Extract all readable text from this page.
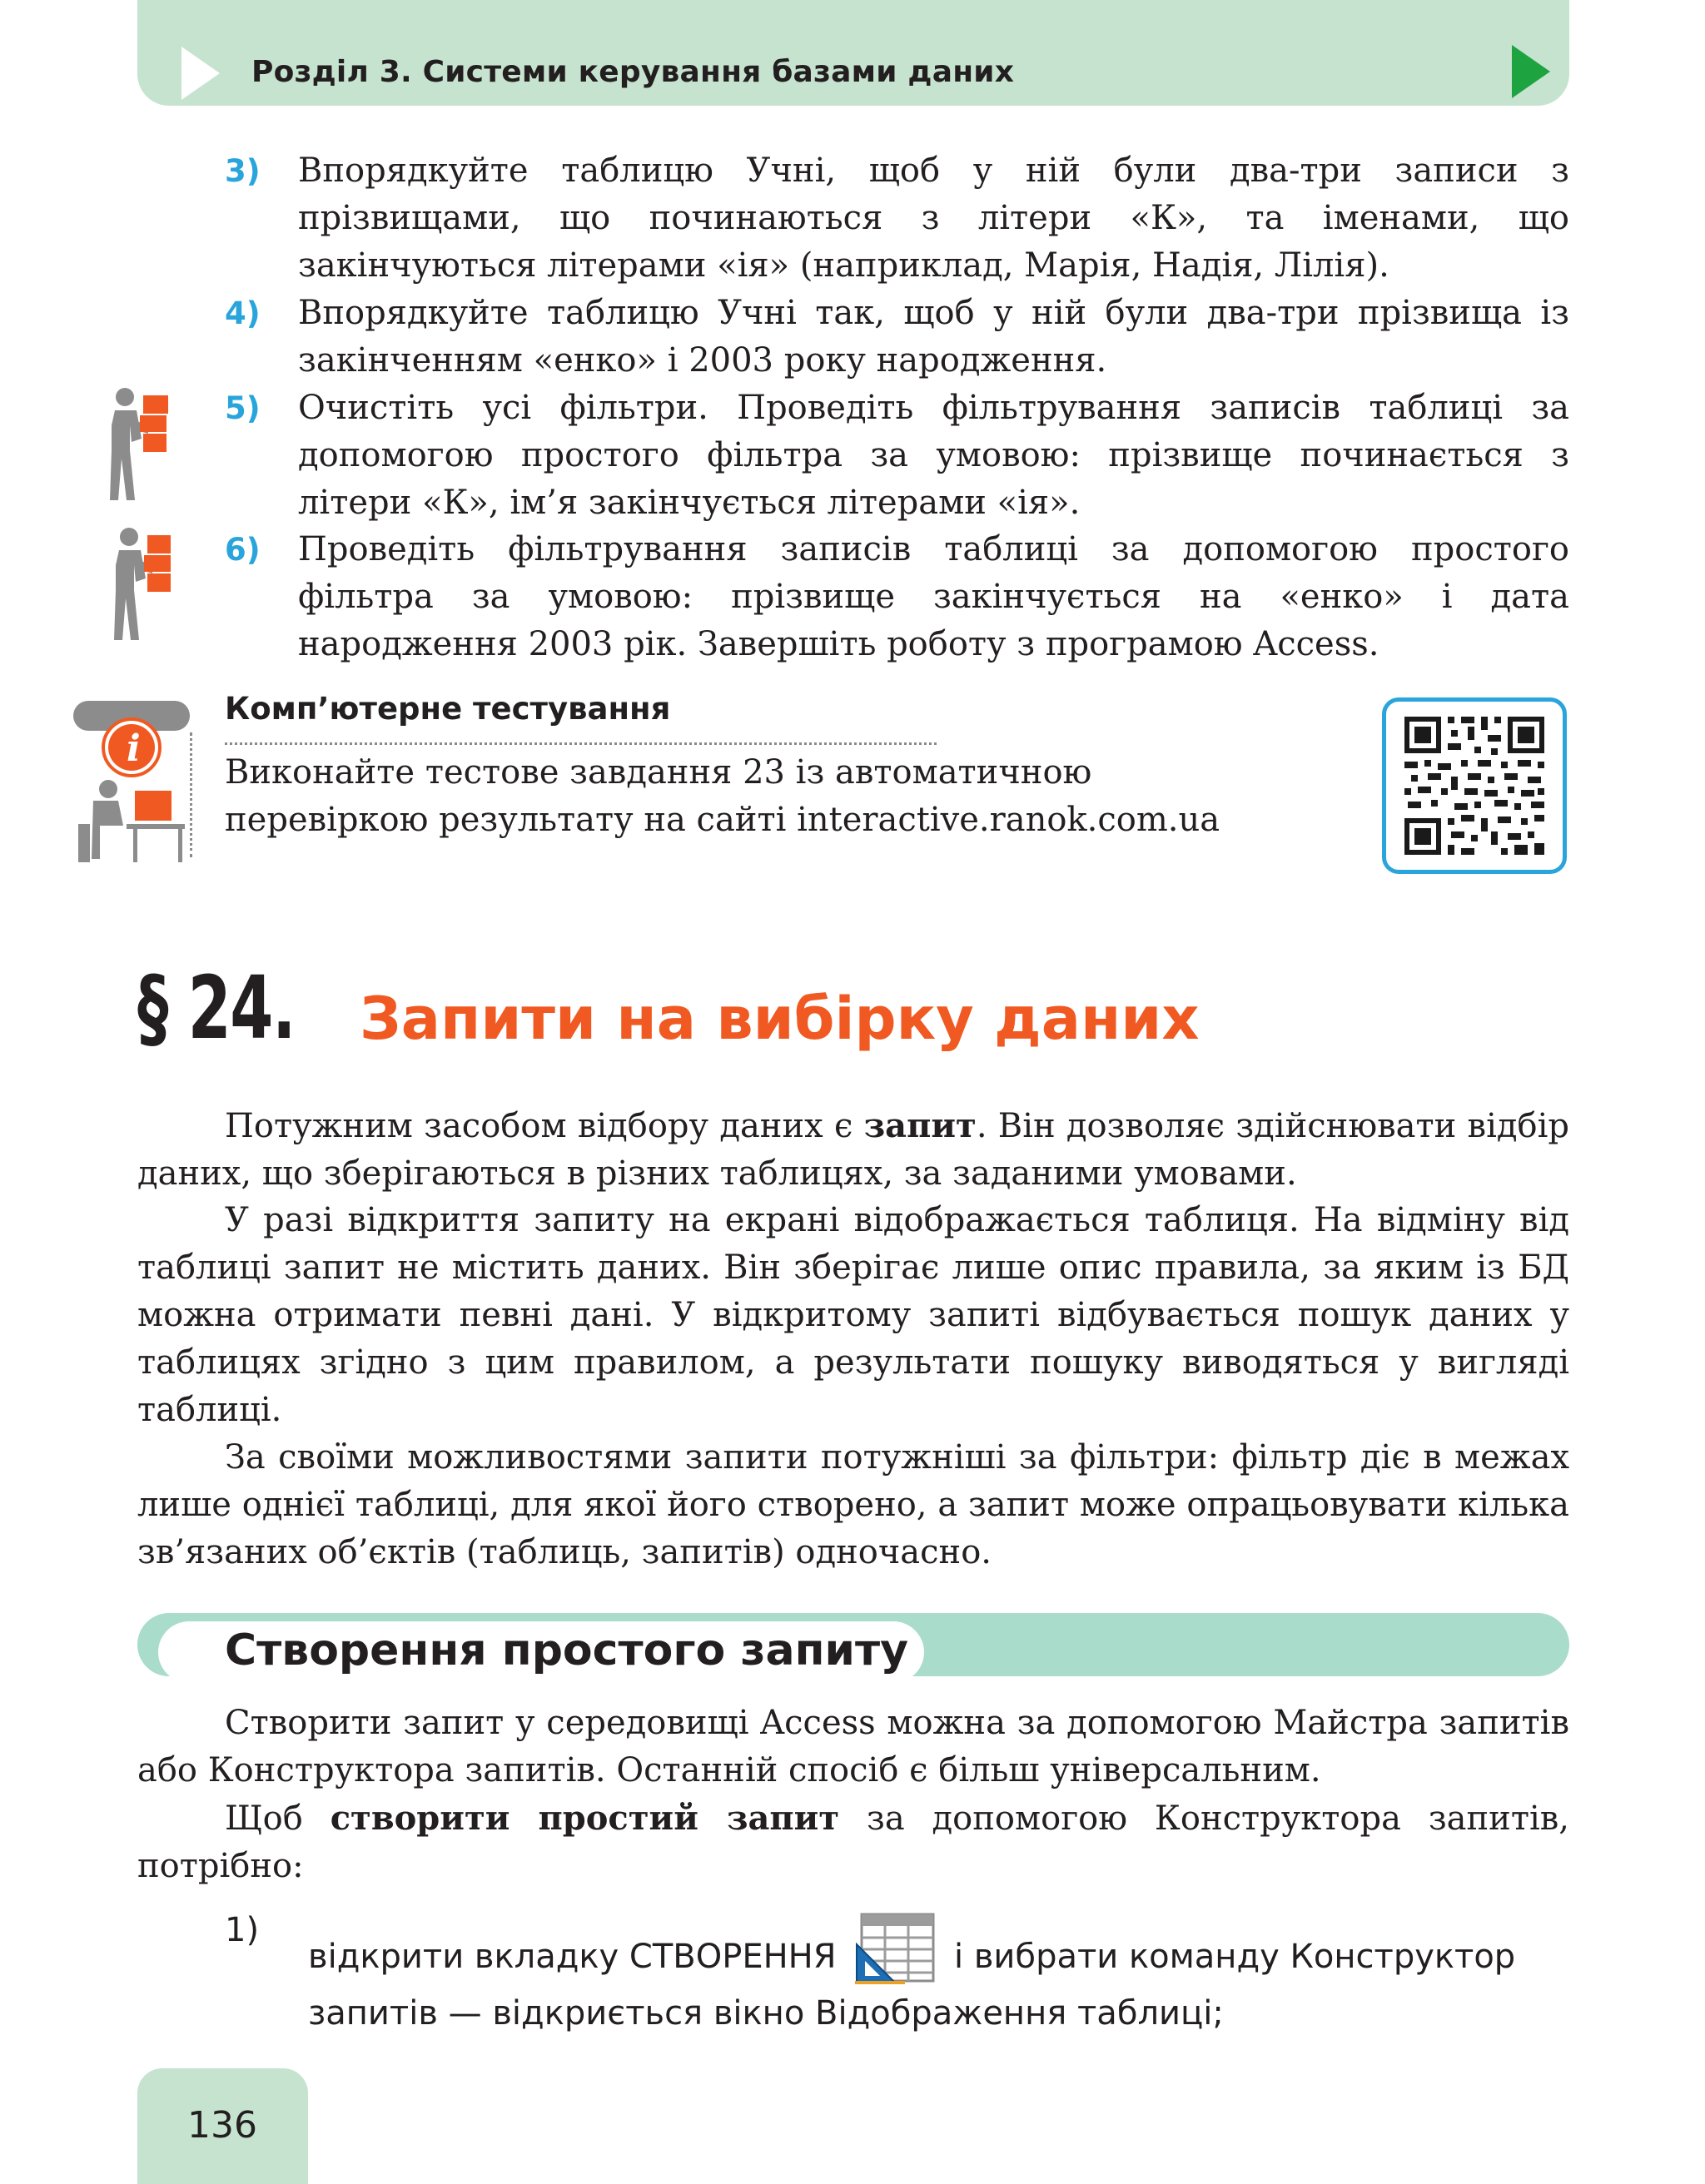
Розділ 3. Системи керування базами даних
3)	Впорядкуйте таблицю Учні, щоб у ній були два-три записи з прізвищами, що починаються з літери «К», та іменами, що закінчуються літерами «ія» (наприклад, Марія, Надія, Лілія).
4)	Впорядкуйте таблицю Учні так, щоб у ній були два-три прізвища із закінченням «енко» і 2003 року народження.
5)	Очистіть усі фільтри. Проведіть фільтрування записів таблиці за допомогою простого фільтра за умовою: прізвище починається з літери «К», ім’я закінчується літерами «ія».
6)	Проведіть фільтрування записів таблиці за допомогою простого фільтра за умовою: прізвище закінчується на «енко» і дата народження 2003 рік. Завершіть роботу з програмою Access.
i
Комп’ютерне тестування
Виконайте тестове завдання 23 із автоматичною
перевіркою результату на сайті interactive.ranok.com.ua
§ 24. Запити на вибірку даних
Потужним засобом відбору даних є запит. Він дозволяє здійснювати відбір даних, що зберігаються в різних таблицях, за заданими умовами.
У разі відкриття запиту на екрані відображається таблиця. На відміну від таблиці запит не містить даних. Він зберігає лише опис правила, за яким із БД можна отримати певні дані. У відкритому запиті відбувається пошук даних у таблицях згідно з цим правилом, а результати пошуку виводяться у вигляді таблиці.
За своїми можливостями запити потужніші за фільтри: фільтр діє в межах лише однієї таблиці, для якої його створено, а запит може опрацьовувати кілька зв’язаних об’єктів (таблиць, запитів) одночасно.
Створення простого запиту
Створити запит у середовищі Access можна за допомогою Майстра запитів або Конструктора запитів. Останній спосіб є більш універсальним.
Щоб створити простий запит за допомогою Конструктора запитів, потрібно:
1)
відкрити вкладку СТВОРЕННЯ	і вибрати команду Конструктор запитів — відкриється вікно Відображення таблиці;
136
